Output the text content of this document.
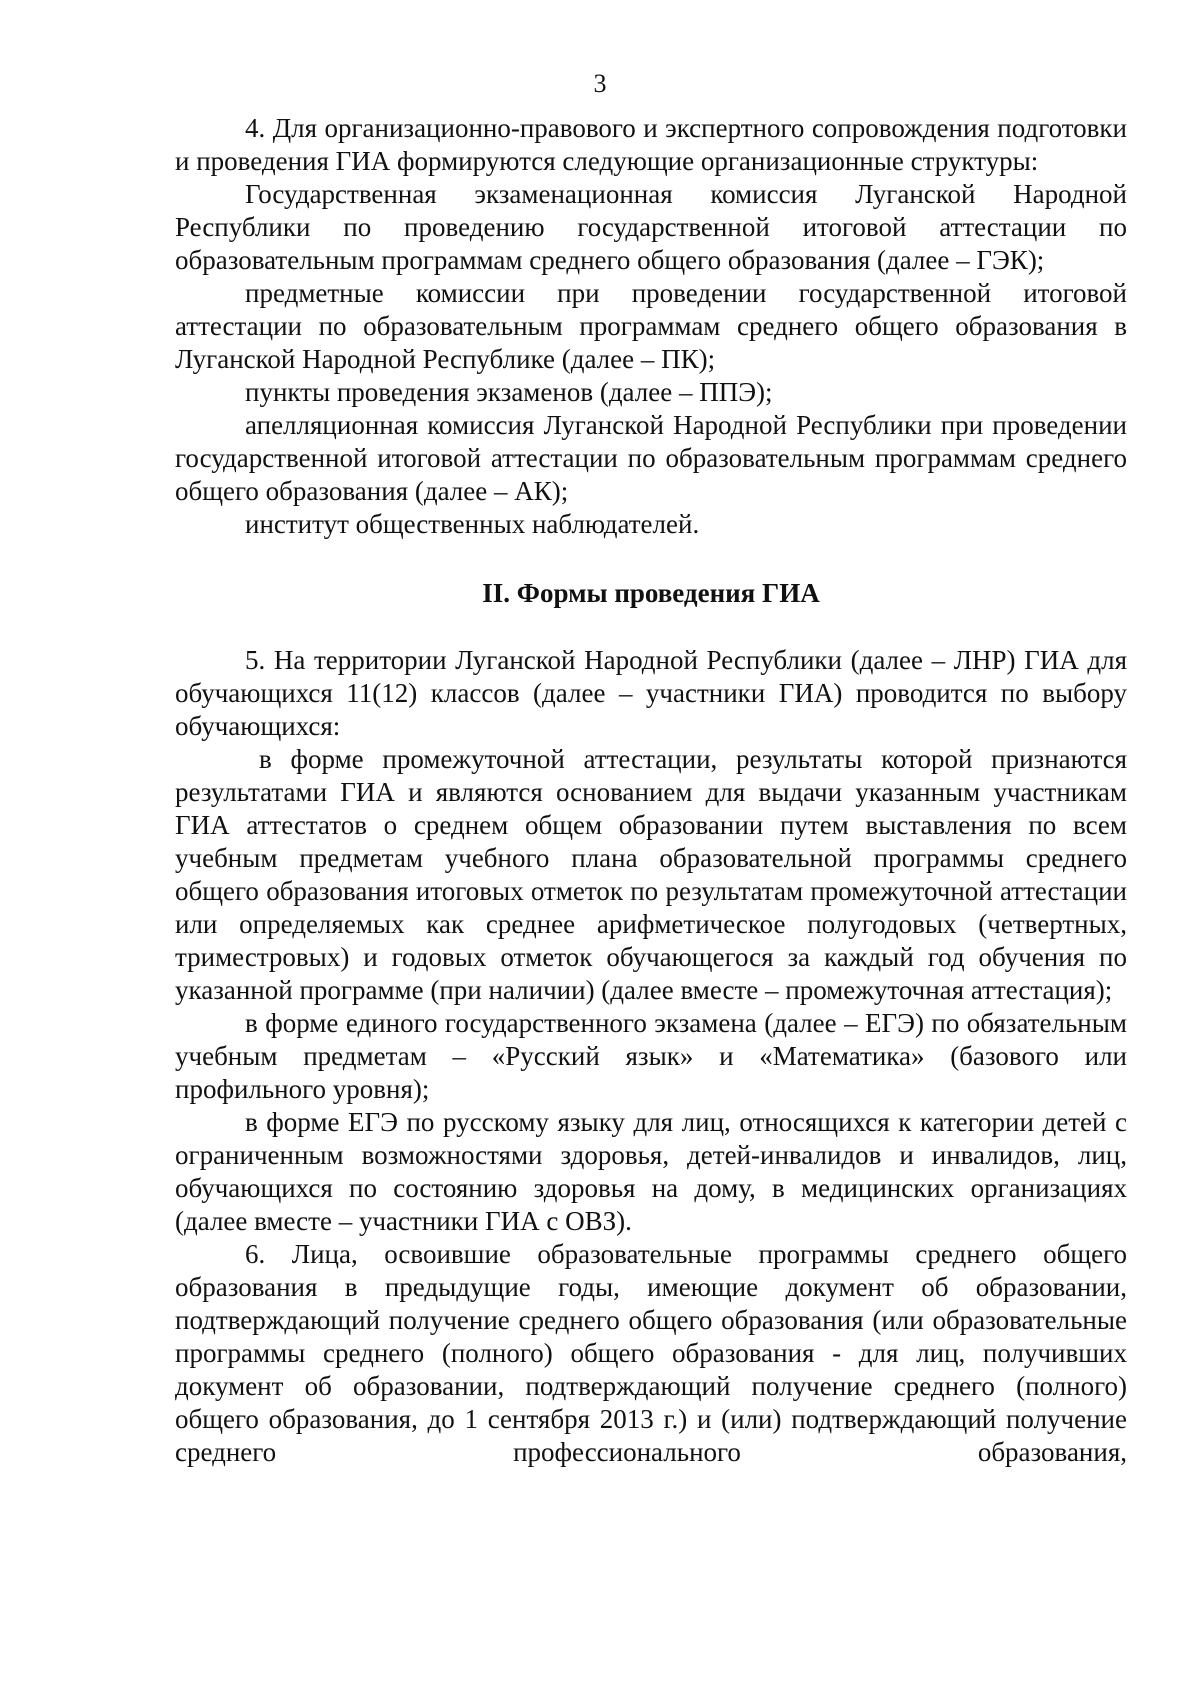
3

4. Для организационно-правового и экспертного сопровождения подготовки и проведения ГИА формируются следующие организационные структуры:

Государственная экзаменационная комиссия Луганской Народной Республики по проведению государственной итоговой аттестации по образовательным программам среднего общего образования (далее – ГЭК);

предметные комиссии при проведении государственной итоговой аттестации по образовательным программам среднего общего образования в Луганской Народной Республике (далее – ПК);

пункты проведения экзаменов (далее – ППЭ);

апелляционная комиссия Луганской Народной Республики при проведении государственной итоговой аттестации по образовательным программам среднего общего образования (далее – АК);

институт общественных наблюдателей.

II. Формы проведения ГИА

5. На территории Луганской Народной Республики (далее – ЛНР) ГИА для обучающихся 11(12) классов (далее – участники ГИА) проводится по выбору обучающихся:

в форме промежуточной аттестации, результаты которой признаются результатами ГИА и являются основанием для выдачи указанным участникам ГИА аттестатов о среднем общем образовании путем выставления по всем учебным предметам учебного плана образовательной программы среднего общего образования итоговых отметок по результатам промежуточной аттестации или определяемых как среднее арифметическое полугодовых (четвертных, триместровых) и годовых отметок обучающегося за каждый год обучения по указанной программе (при наличии) (далее вместе – промежуточная аттестация);

в форме единого государственного экзамена (далее – ЕГЭ) по обязательным учебным предметам – «Русский язык» и «Математика» (базового или профильного уровня);

в форме ЕГЭ по русскому языку для лиц, относящихся к категории детей с ограниченным возможностями здоровья, детей-инвалидов и инвалидов, лиц, обучающихся по состоянию здоровья на дому, в медицинских организациях (далее вместе – участники ГИА с ОВЗ).

6. Лица, освоившие образовательные программы среднего общего образования в предыдущие годы, имеющие документ об образовании, подтверждающий получение среднего общего образования (или образовательные программы среднего (полного) общего образования - для лиц, получивших документ об образовании, подтверждающий получение среднего (полного) общего образования, до 1 сентября 2013 г.) и (или) подтверждающий получение среднего профессионального образования,
